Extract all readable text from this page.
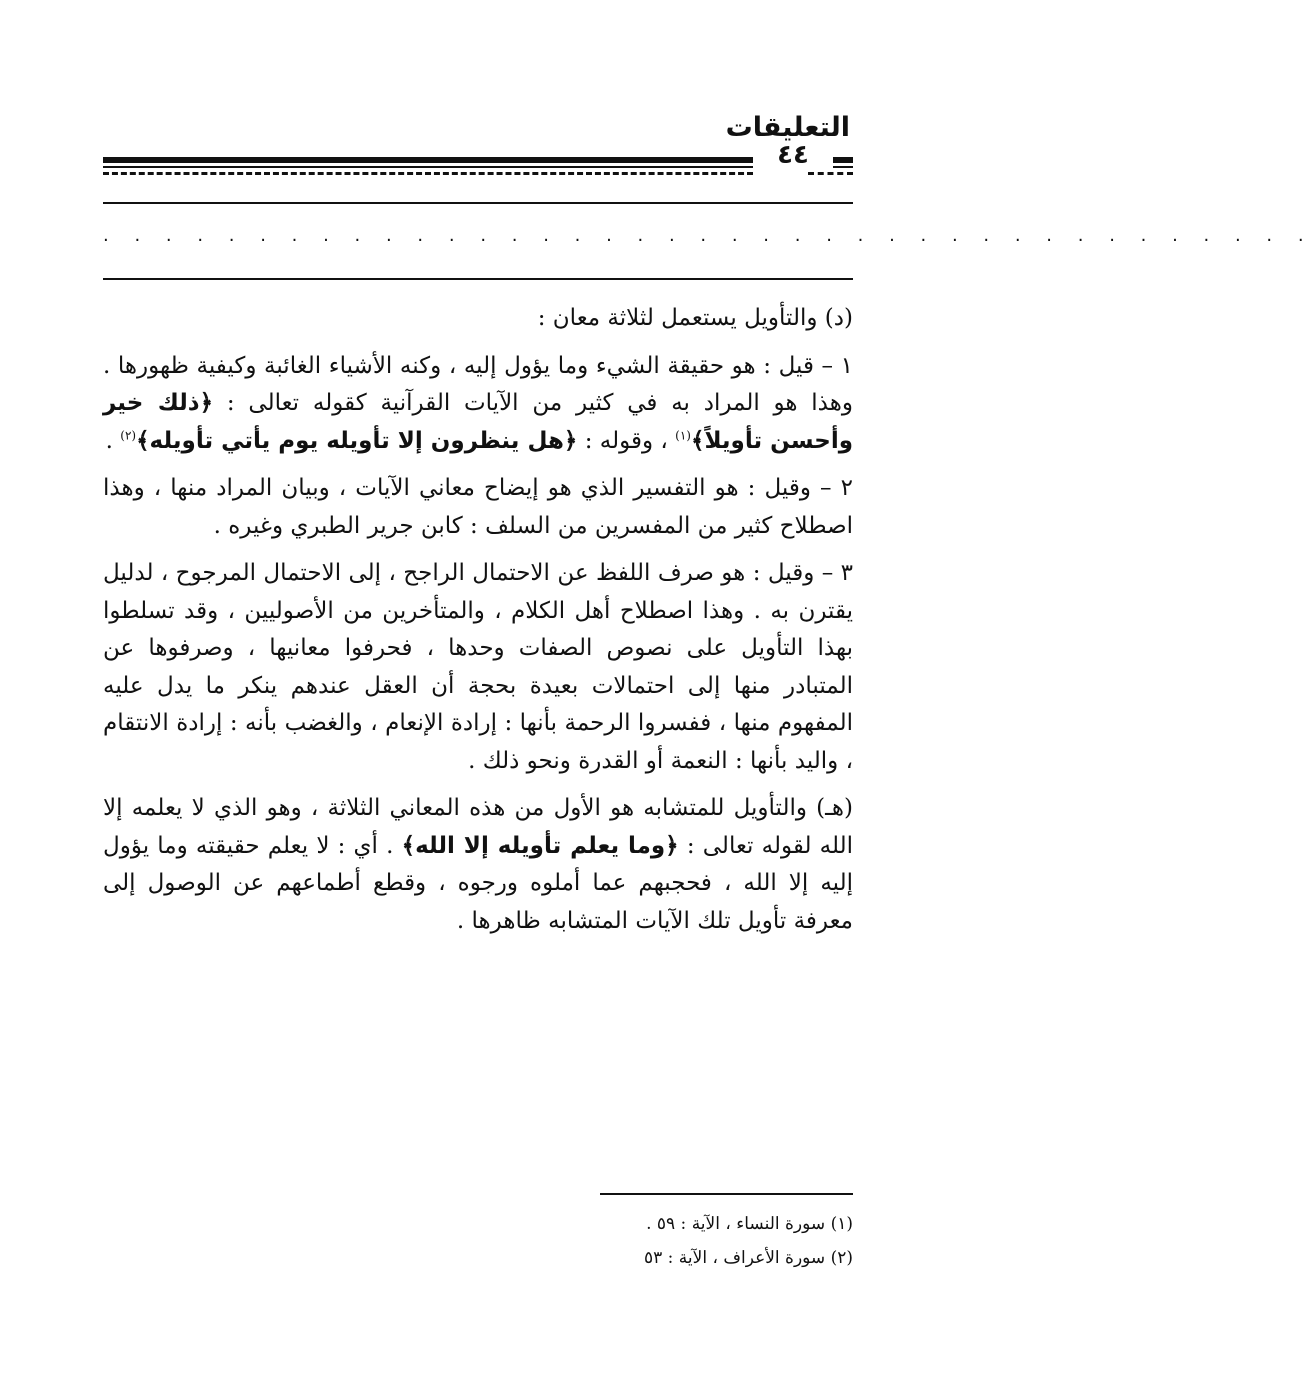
التعليقات
٤٤
. . . . . . . . . . . . . . . . . . . . . . . . . . . . . . . . . . . . . . .

(د) والتأويل يستعمل لثلاثة معان :

١ – قيل : هو حقيقة الشيء وما يؤول إليه ، وكنه الأشياء الغائبة وكيفية ظهورها . وهذا هو المراد به في كثير من الآيات القرآنية كقوله تعالى : ﴿ذلك خير وأحسن تأويلاً﴾$^{(١)}$ ، وقوله : ﴿هل ينظرون إلا تأويله يوم يأتي تأويله﴾$^{(٢)}$ .

٢ – وقيل : هو التفسير الذي هو إيضاح معاني الآيات ، وبيان المراد منها ، وهذا اصطلاح كثير من المفسرين من السلف : كابن جرير الطبري وغيره .

٣ – وقيل : هو صرف اللفظ عن الاحتمال الراجح ، إلى الاحتمال المرجوح ، لدليل يقترن به . وهذا اصطلاح أهل الكلام ، والمتأخرين من الأصوليين ، وقد تسلطوا بهذا التأويل على نصوص الصفات وحدها ، فحرفوا معانيها ، وصرفوها عن المتبادر منها إلى احتمالات بعيدة بحجة أن العقل عندهم ينكر ما يدل عليه المفهوم منها ، ففسروا الرحمة بأنها : إرادة الإنعام ، والغضب بأنه : إرادة الانتقام ، واليد بأنها : النعمة أو القدرة ونحو ذلك .

(هـ) والتأويل للمتشابه هو الأول من هذه المعاني الثلاثة ، وهو الذي لا يعلمه إلا الله لقوله تعالى : ﴿وما يعلم تأويله إلا الله﴾ . أي : لا يعلم حقيقته وما يؤول إليه إلا الله ، فحجبهم عما أملوه ورجوه ، وقطع أطماعهم عن الوصول إلى معرفة تأويل تلك الآيات المتشابه ظاهرها .

(١) سورة النساء ، الآية : ٥٩ .
(٢) سورة الأعراف ، الآية : ٥٣
